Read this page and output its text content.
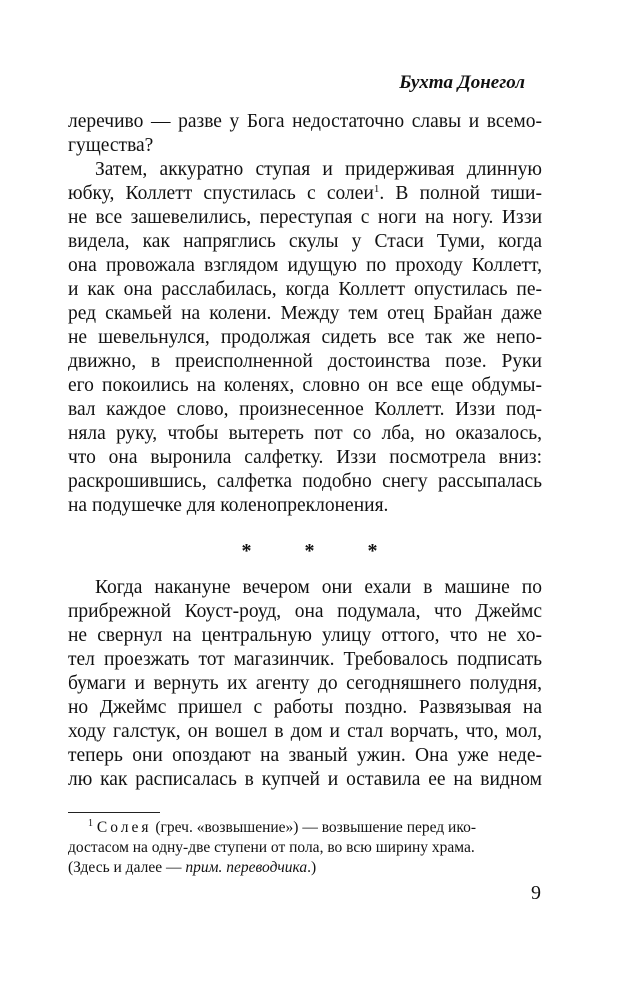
Бухта Донегол
леречиво — разве у Бога недостаточно славы и всемо-
гущества?
Затем, аккуратно ступая и придерживая длинную
юбку, Коллетт спустилась с солеи$^1$. В полной тиши-
не все зашевелились, переступая с ноги на ногу. Иззи
видела, как напряглись скулы у Стаси Туми, когда
она провожала взглядом идущую по проходу Коллетт,
и как она расслабилась, когда Коллетт опустилась пе-
ред скамьей на колени. Между тем отец Брайан даже
не шевельнулся, продолжая сидеть все так же непо-
движно, в преисполненной достоинства позе. Руки
его покоились на коленях, словно он все еще обдумы-
вал каждое слово, произнесенное Коллетт. Иззи под-
няла руку, чтобы вытереть пот со лба, но оказалось,
что она выронила салфетку. Иззи посмотрела вниз:
раскрошившись, салфетка подобно снегу рассыпалась
на подушечке для коленопреклонения.
* * *
Когда накануне вечером они ехали в машине по
прибрежной Коуст-роуд, она подумала, что Джеймс
не свернул на центральную улицу оттого, что не хо-
тел проезжать тот магазинчик. Требовалось подписать
бумаги и вернуть их агенту до сегодняшнего полудня,
но Джеймс пришел с работы поздно. Развязывая на
ходу галстук, он вошел в дом и стал ворчать, что, мол,
теперь они опоздают на званый ужин. Она уже неде-
лю как расписалась в купчей и оставила ее на видном
$^1$ Солея (греч. «возвышение») — возвышение перед ико-
достасом на одну-две ступени от пола, во всю ширину храма.
(Здесь и далее — прим. переводчика.)
9
